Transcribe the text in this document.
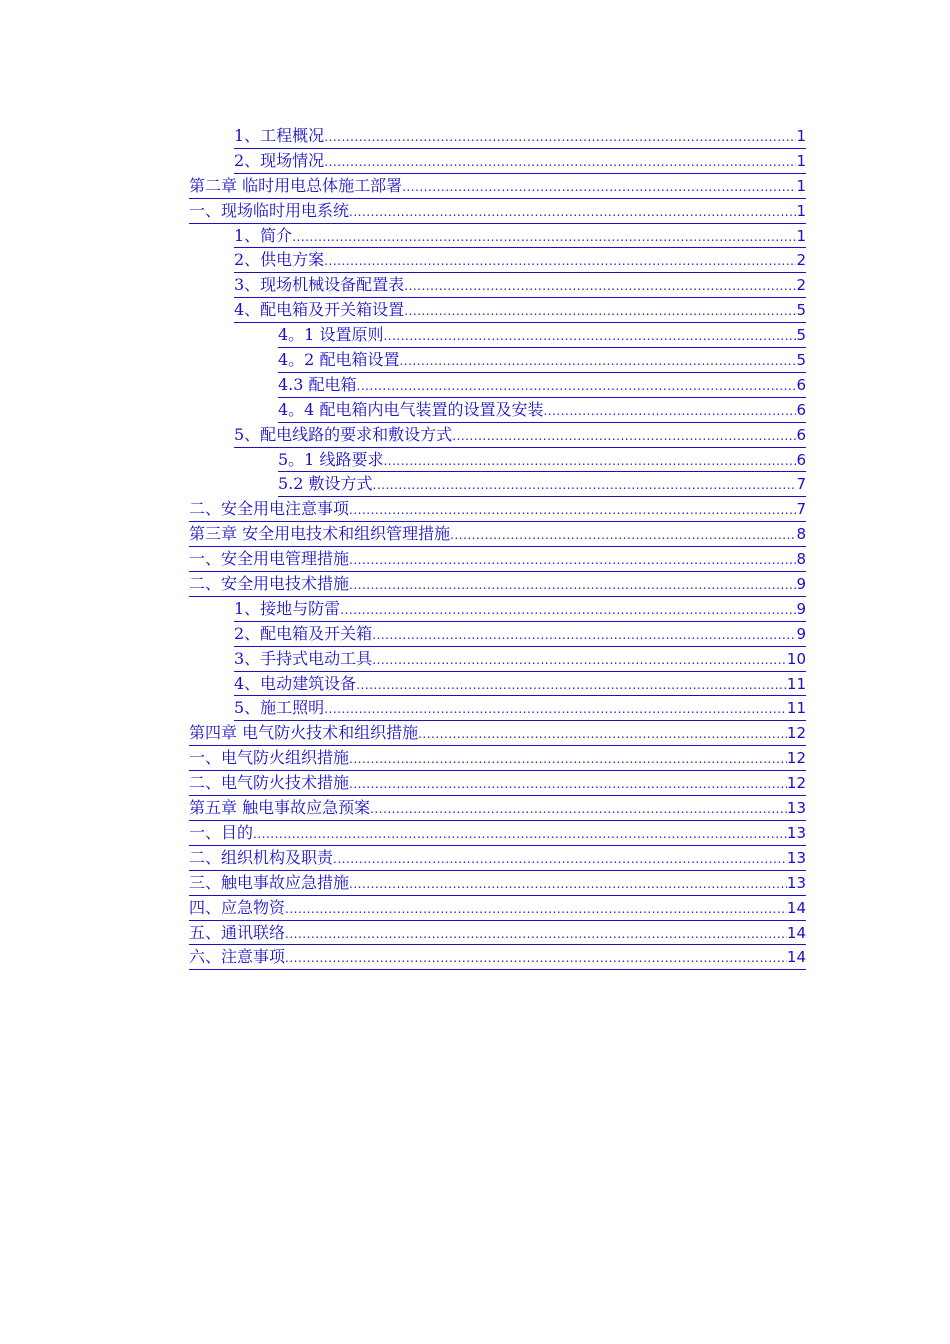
1、工程概况 .....	1
2、现场情况 .....	1
第二章 临时用电总体施工部署 .....	1
一、现场临时用电系统 .....	1
1、简介 .....	1
2、供电方案 .....	2
3、现场机械设备配置表 .....	2
4、配电箱及开关箱设置 .....	5
4。1 设置原则 .....	5
4。2 配电箱设置 .....	5
4.3 配电箱 .....	6
4。4 配电箱内电气装置的设置及安装 .....	6
5、配电线路的要求和敷设方式 .....	6
5。1 线路要求 .....	6
5.2 敷设方式 .....	7
二、安全用电注意事项 .....	7
第三章 安全用电技术和组织管理措施 .....	8
一、安全用电管理措施 .....	8
二、安全用电技术措施 .....	9
1、接地与防雷 .....	9
2、配电箱及开关箱 .....	9
3、手持式电动工具 .....	10
4、电动建筑设备 .....	11
5、施工照明 .....	11
第四章 电气防火技术和组织措施 .....	12
一、电气防火组织措施 .....	12
二、电气防火技术措施 .....	12
第五章 触电事故应急预案 .....	13
一、目的 .....	13
二、组织机构及职责 .....	13
三、触电事故应急措施 .....	13
四、应急物资 .....	14
五、通讯联络 .....	14
六、注意事项 .....	14
